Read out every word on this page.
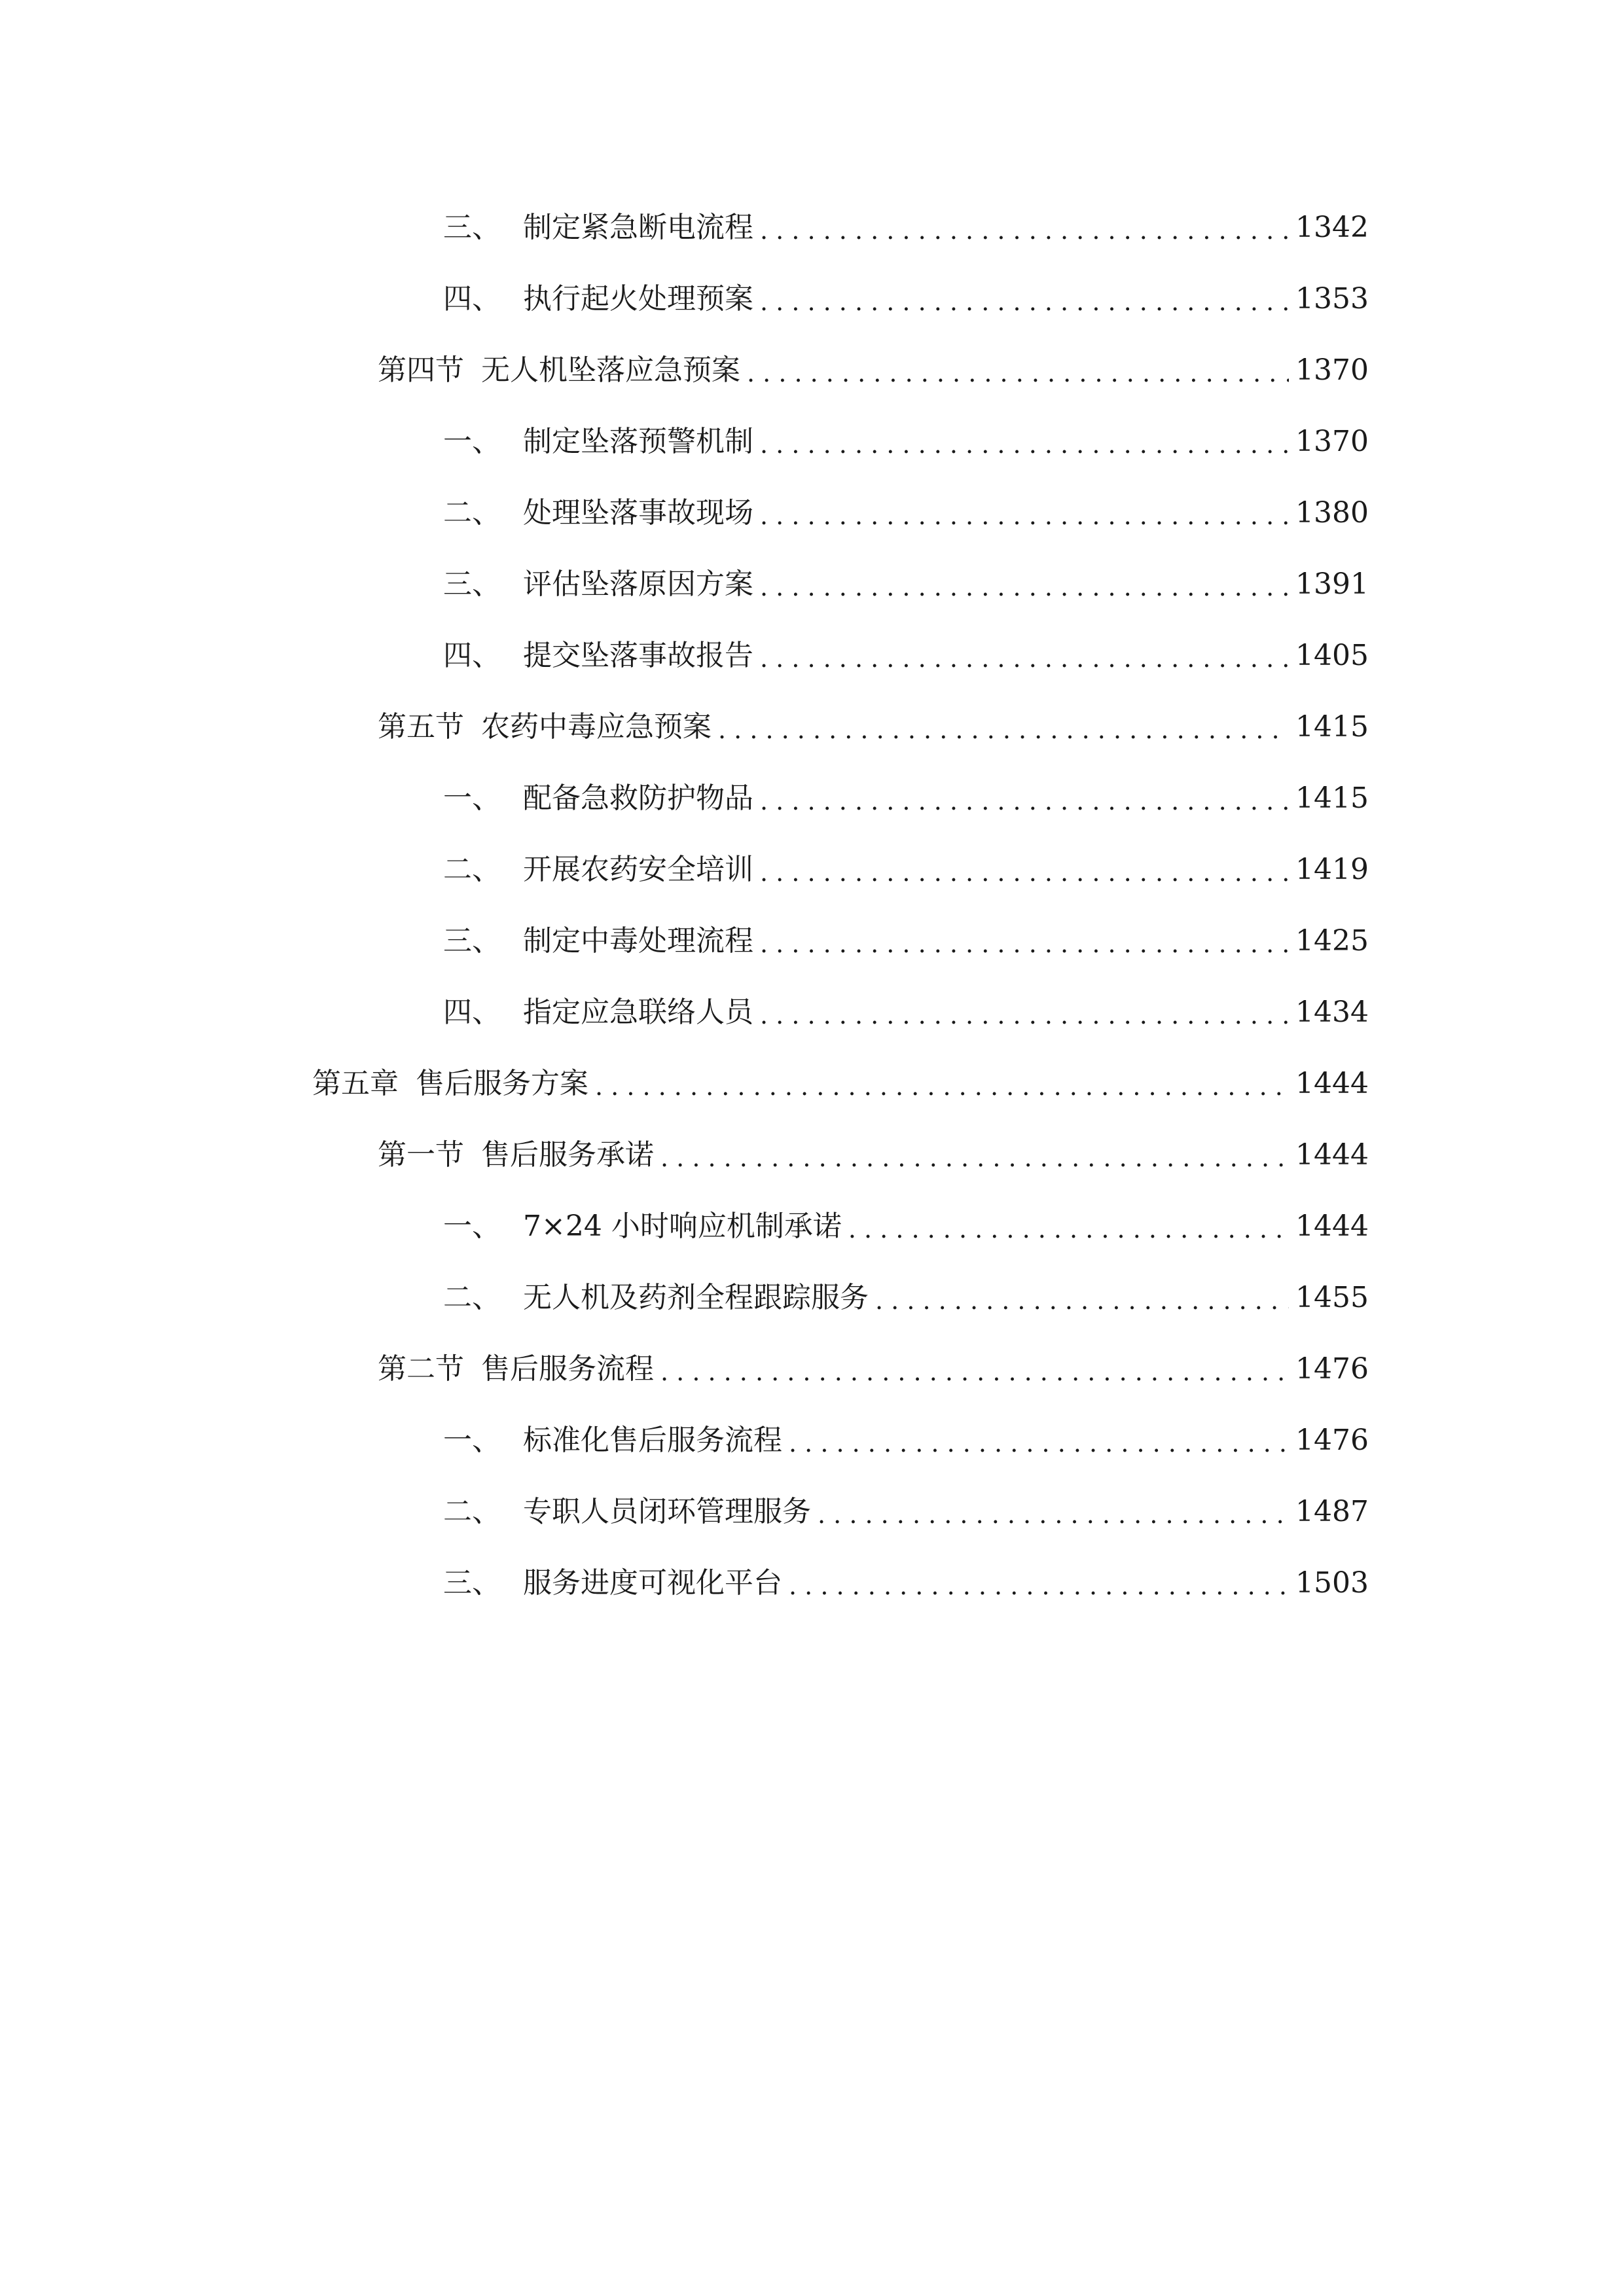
三、 制定紧急断电流程 . . .	1342
四、 执行起火处理预案 . . .	1353
第四节 无人机坠落应急预案 . . .	1370
一、 制定坠落预警机制 . . .	1370
二、 处理坠落事故现场 . . .	1380
三、 评估坠落原因方案 . . .	1391
四、 提交坠落事故报告 . . .	1405
第五节 农药中毒应急预案 . . .	1415
一、 配备急救防护物品 . . .	1415
二、 开展农药安全培训 . . .	1419
三、 制定中毒处理流程 . . .	1425
四、 指定应急联络人员 . . .	1434
第五章 售后服务方案 . . .	1444
第一节 售后服务承诺 . . .	1444
一、 7×24 小时响应机制承诺 . . .	1444
二、 无人机及药剂全程跟踪服务 . . .	1455
第二节 售后服务流程 . . .	1476
一、 标准化售后服务流程 . . .	1476
二、 专职人员闭环管理服务 . . .	1487
三、 服务进度可视化平台 . . .	1503
